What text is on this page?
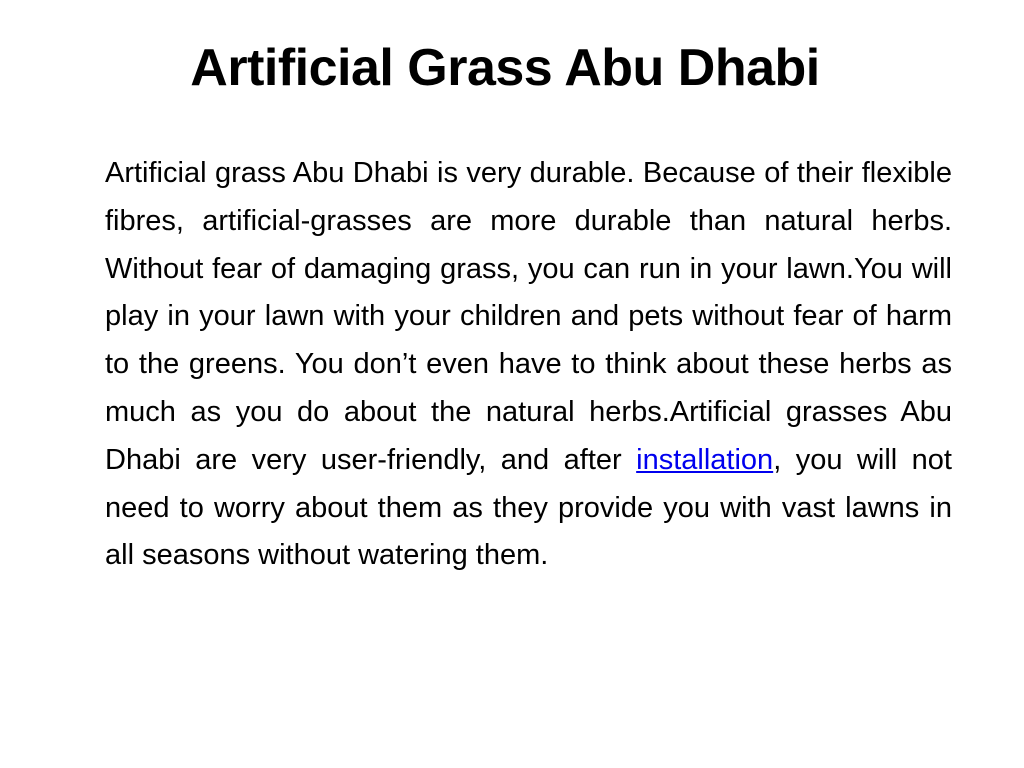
Artificial Grass Abu Dhabi

Artificial grass Abu Dhabi is very durable. Because of their flexible fibres, artificial-grasses are more durable than natural herbs. Without fear of damaging grass, you can run in your lawn.You will play in your lawn with your children and pets without fear of harm to the greens. You don’t even have to think about these herbs as much as you do about the natural herbs.Artificial grasses Abu Dhabi are very user-friendly, and after installation, you will not need to worry about them as they provide you with vast lawns in all seasons without watering them.
